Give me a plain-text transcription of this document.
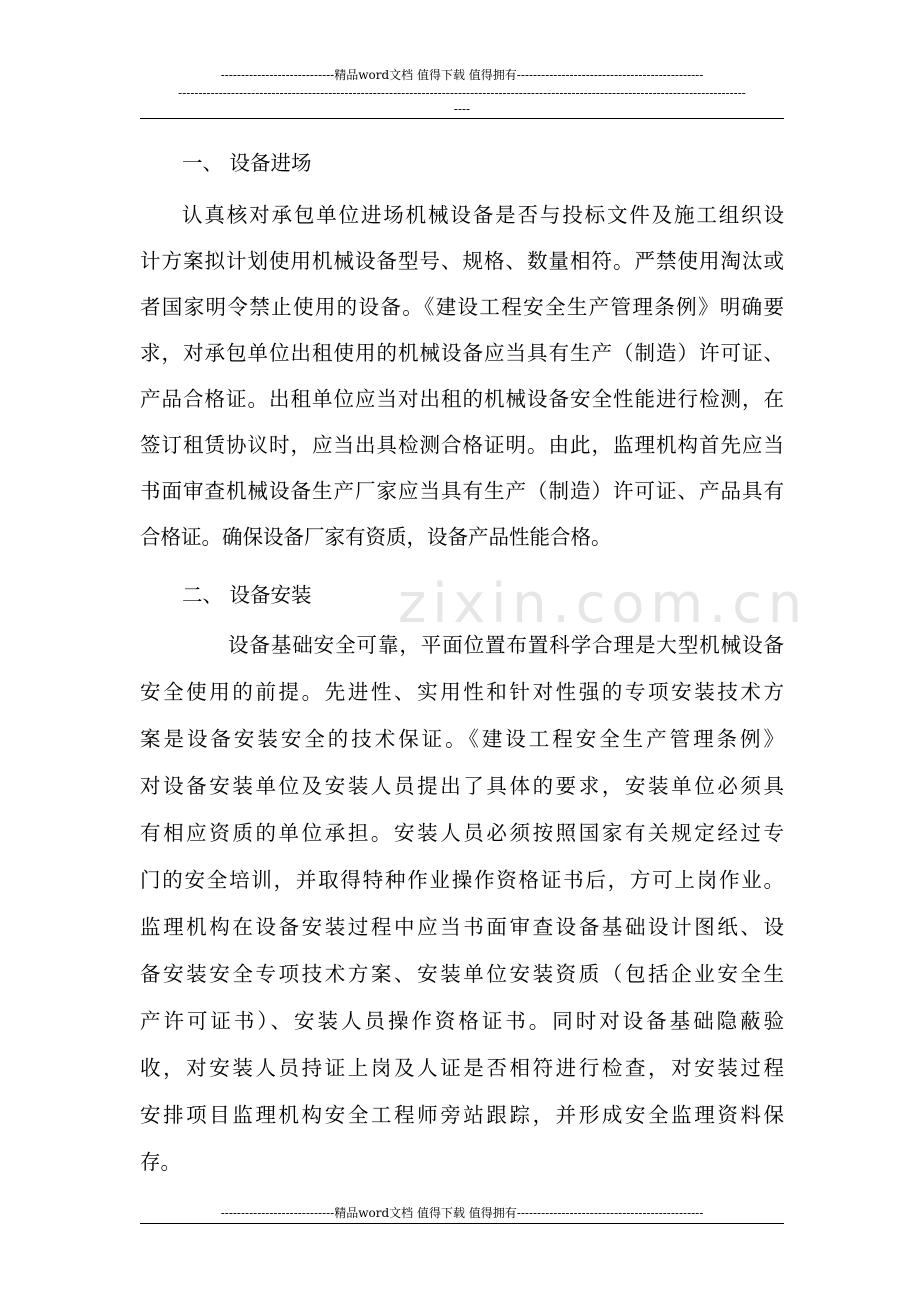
----------------------------精品word文档 值得下载 值得拥有----------------------------------------------
--------------------------------------------------------------------------------------------------------------------------------------------
----
zixin.com.cn
一、 设备进场
认真核对承包单位进场机械设备是否与投标文件及施工组织设
计方案拟计划使用机械设备型号、规格、数量相符。严禁使用淘汰或
者国家明令禁止使用的设备。《建设工程安全生产管理条例》明确要
求，对承包单位出租使用的机械设备应当具有生产（制造）许可证、
产品合格证。出租单位应当对出租的机械设备安全性能进行检测，在
签订租赁协议时，应当出具检测合格证明。由此，监理机构首先应当
书面审查机械设备生产厂家应当具有生产（制造）许可证、产品具有
合格证。确保设备厂家有资质，设备产品性能合格。
二、 设备安装
设备基础安全可靠，平面位置布置科学合理是大型机械设备
安全使用的前提。先进性、实用性和针对性强的专项安装技术方
案是设备安装安全的技术保证。《建设工程安全生产管理条例》
对设备安装单位及安装人员提出了具体的要求，安装单位必须具
有相应资质的单位承担。安装人员必须按照国家有关规定经过专
门的安全培训，并取得特种作业操作资格证书后，方可上岗作业。
监理机构在设备安装过程中应当书面审查设备基础设计图纸、设
备安装安全专项技术方案、安装单位安装资质（包括企业安全生
产许可证书）、安装人员操作资格证书。同时对设备基础隐蔽验
收，对安装人员持证上岗及人证是否相符进行检查，对安装过程
安排项目监理机构安全工程师旁站跟踪，并形成安全监理资料保
存。
----------------------------精品word文档 值得下载 值得拥有----------------------------------------------
